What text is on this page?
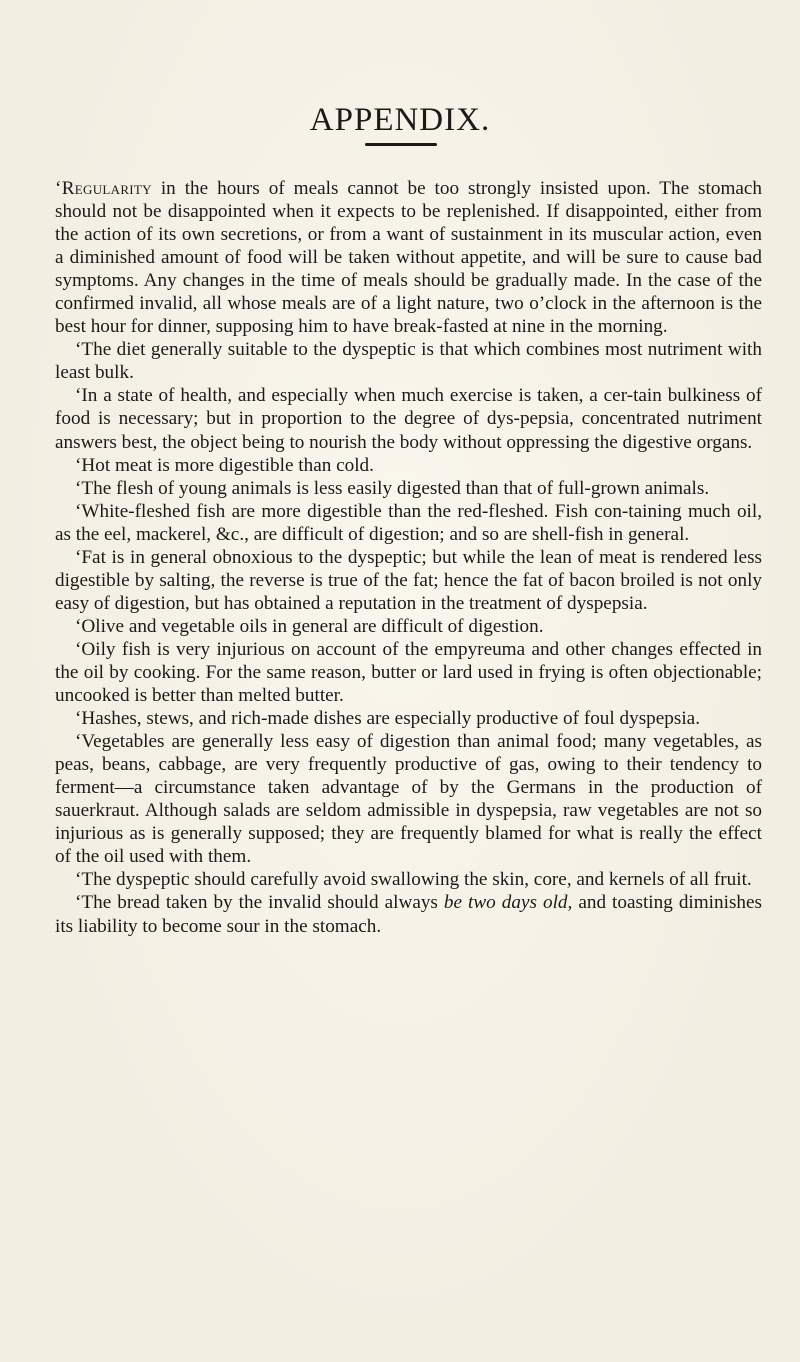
APPENDIX.

‘Regularity in the hours of meals cannot be too strongly insisted upon. The stomach should not be disappointed when it expects to be replenished. If disappointed, either from the action of its own secretions, or from a want of sustainment in its muscular action, even a diminished amount of food will be taken without appetite, and will be sure to cause bad symptoms. Any changes in the time of meals should be gradually made. In the case of the confirmed invalid, all whose meals are of a light nature, two o’clock in the afternoon is the best hour for dinner, supposing him to have break-fasted at nine in the morning.

‘The diet generally suitable to the dyspeptic is that which combines most nutriment with least bulk.

‘In a state of health, and especially when much exercise is taken, a cer-tain bulkiness of food is necessary; but in proportion to the degree of dys-pepsia, concentrated nutriment answers best, the object being to nourish the body without oppressing the digestive organs.

‘Hot meat is more digestible than cold.

‘The flesh of young animals is less easily digested than that of full-grown animals.

‘White-fleshed fish are more digestible than the red-fleshed. Fish con-taining much oil, as the eel, mackerel, &c., are difficult of digestion; and so are shell-fish in general.

‘Fat is in general obnoxious to the dyspeptic; but while the lean of meat is rendered less digestible by salting, the reverse is true of the fat; hence the fat of bacon broiled is not only easy of digestion, but has obtained a reputation in the treatment of dyspepsia.

‘Olive and vegetable oils in general are difficult of digestion.

‘Oily fish is very injurious on account of the empyreuma and other changes effected in the oil by cooking. For the same reason, butter or lard used in frying is often objectionable; uncooked is better than melted butter.

‘Hashes, stews, and rich-made dishes are especially productive of foul dyspepsia.

‘Vegetables are generally less easy of digestion than animal food; many vegetables, as peas, beans, cabbage, are very frequently productive of gas, owing to their tendency to ferment—a circumstance taken advantage of by the Germans in the production of sauerkraut. Although salads are seldom admissible in dyspepsia, raw vegetables are not so injurious as is generally supposed; they are frequently blamed for what is really the effect of the oil used with them.

‘The dyspeptic should carefully avoid swallowing the skin, core, and kernels of all fruit.

‘The bread taken by the invalid should always be two days old, and toasting diminishes its liability to become sour in the stomach.
